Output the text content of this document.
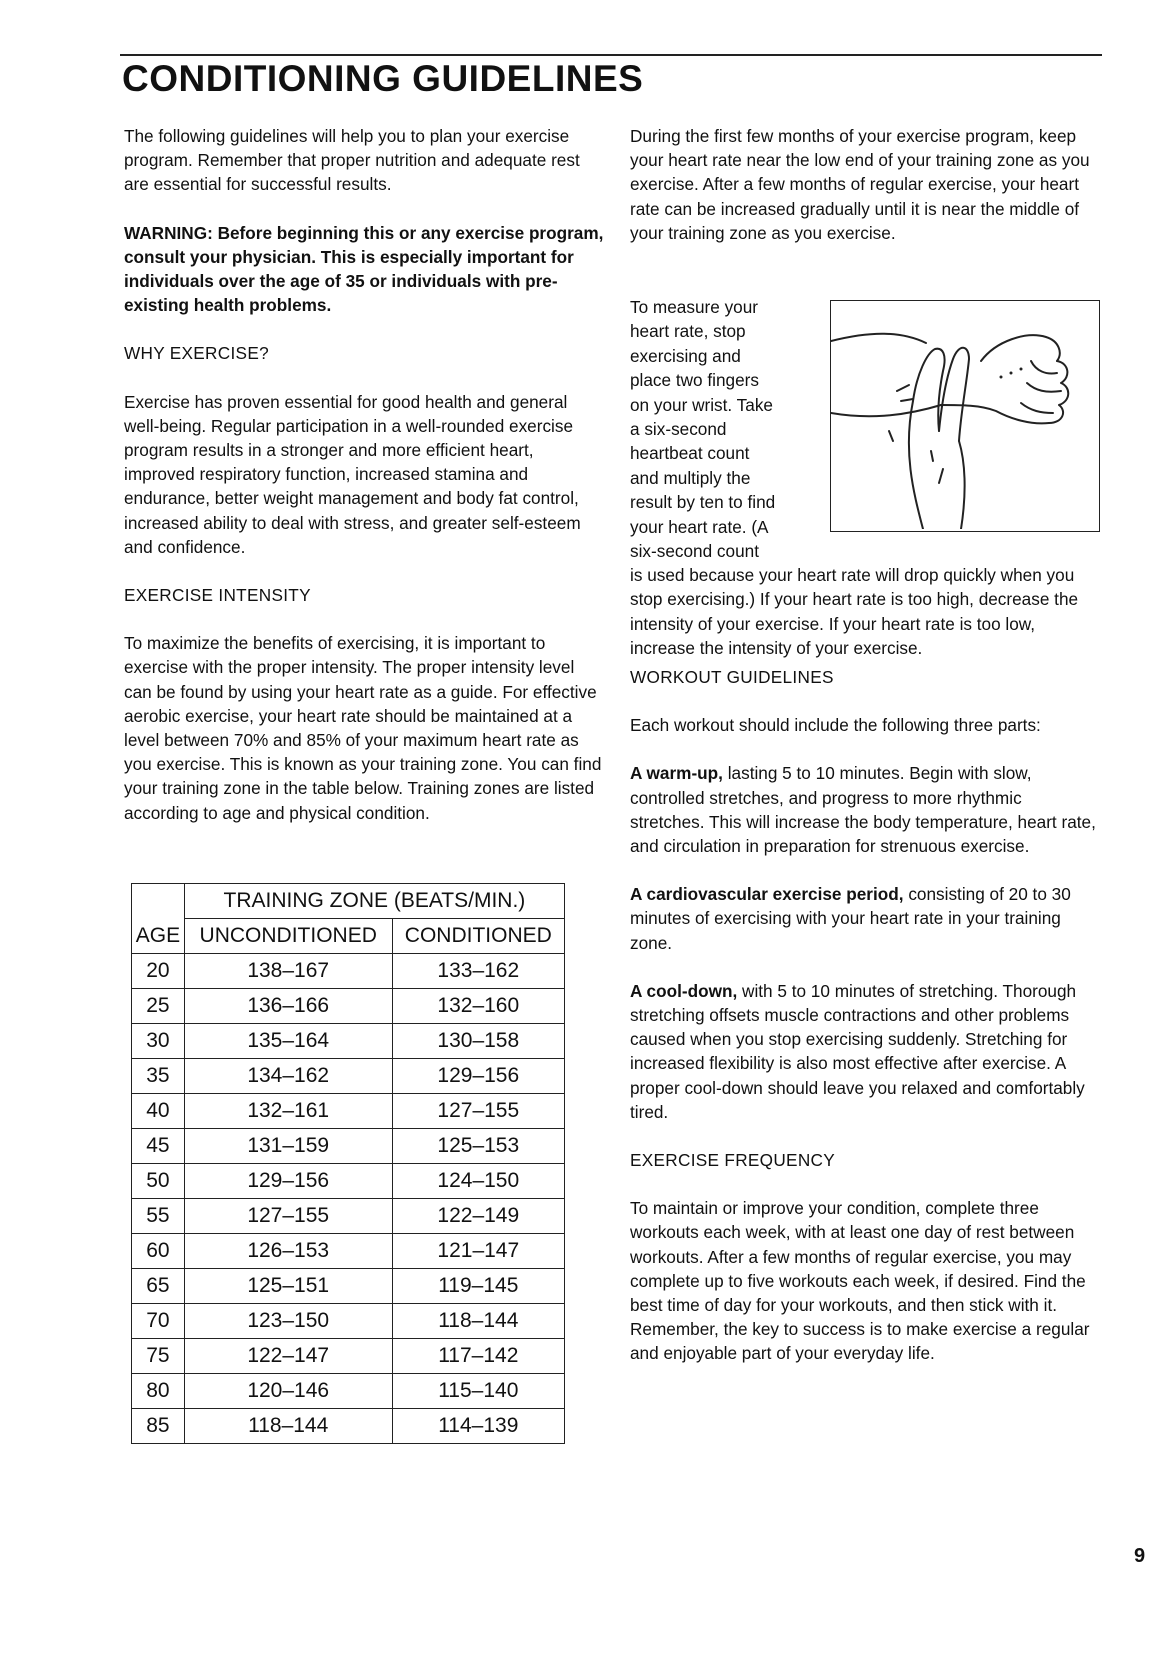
CONDITIONING GUIDELINES

The following guidelines will help you to plan your exercise program. Remember that proper nutrition and adequate rest are essential for successful results.

WARNING: Before beginning this or any exercise program, consult your physician. This is especially important for individuals over the age of 35 or individuals with pre-existing health problems.

WHY EXERCISE?

Exercise has proven essential for good health and general well-being. Regular participation in a well-rounded exercise program results in a stronger and more efficient heart, improved respiratory function, increased stamina and endurance, better weight management and body fat control, increased ability to deal with stress, and greater self-esteem and confidence.

EXERCISE INTENSITY

To maximize the benefits of exercising, it is important to exercise with the proper intensity. The proper intensity level can be found by using your heart rate as a guide. For effective aerobic exercise, your heart rate should be maintained at a level between 70% and 85% of your maximum heart rate as you exercise. This is known as your training zone. You can find your training zone in the table below. Training zones are listed according to age and physical condition.

	TRAINING ZONE (BEATS/MIN.)	
AGE	UNCONDITIONED	CONDITIONED
20	138–167	133–162
25	136–166	132–160
30	135–164	130–158
35	134–162	129–156
40	132–161	127–155
45	131–159	125–153
50	129–156	124–150
55	127–155	122–149
60	126–153	121–147
65	125–151	119–145
70	123–150	118–144
75	122–147	117–142
80	120–146	115–140
85	118–144	114–139

During the first few months of your exercise program, keep your heart rate near the low end of your training zone as you exercise. After a few months of regular exercise, your heart rate can be increased gradually until it is near the middle of your training zone as you exercise.

To measure your
heart rate, stop
exercising and
place two fingers
on your wrist. Take
a six-second
heartbeat count
and multiply the
result by ten to find
your heart rate. (A
six-second count

is used because your heart rate will drop quickly when you stop exercising.) If your heart rate is too high, decrease the intensity of your exercise. If your heart rate is too low, increase the intensity of your exercise.

WORKOUT GUIDELINES

Each workout should include the following three parts:

A warm-up, lasting 5 to 10 minutes. Begin with slow, controlled stretches, and progress to more rhythmic stretches. This will increase the body temperature, heart rate, and circulation in preparation for strenuous exercise.

A cardiovascular exercise period, consisting of 20 to 30 minutes of exercising with your heart rate in your training zone.

A cool-down, with 5 to 10 minutes of stretching. Thorough stretching offsets muscle contractions and other problems caused when you stop exercising suddenly. Stretching for increased flexibility is also most effective after exercise. A proper cool-down should leave you relaxed and comfortably tired.

EXERCISE FREQUENCY

To maintain or improve your condition, complete three workouts each week, with at least one day of rest between workouts. After a few months of regular exercise, you may complete up to five workouts each week, if desired. Find the best time of day for your workouts, and then stick with it. Remember, the key to success is to make exercise a regular and enjoyable part of your everyday life.

9
